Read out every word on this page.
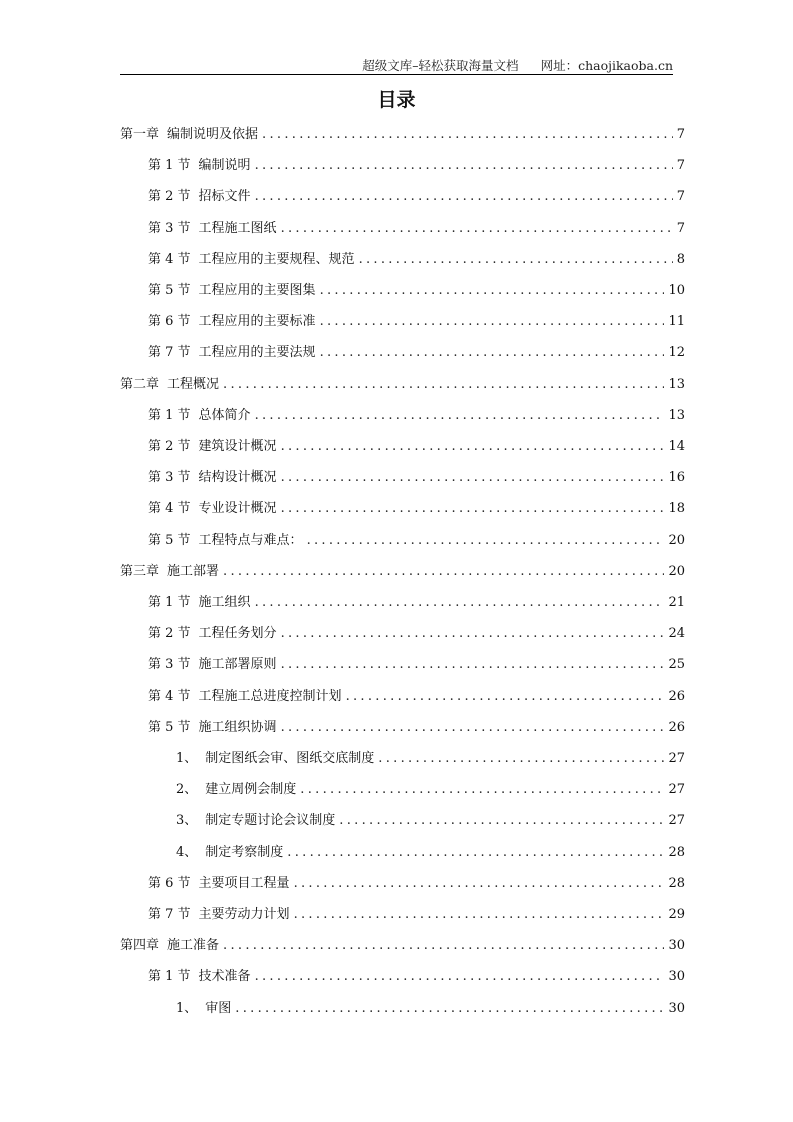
超级文库–轻松获取海量文档 网址：chaojikaoba.cn
目录
第一章 编制说明及依据 .....	7
第 1 节 编制说明 .....	7
第 2 节 招标文件 .....	7
第 3 节 工程施工图纸 .....	7
第 4 节 工程应用的主要规程、规范 .....	8
第 5 节 工程应用的主要图集 .....	10
第 6 节 工程应用的主要标准 .....	11
第 7 节 工程应用的主要法规 .....	12
第二章 工程概况 .....	13
第 1 节 总体简介 .....	13
第 2 节 建筑设计概况 .....	14
第 3 节 结构设计概况 .....	16
第 4 节 专业设计概况 .....	18
第 5 节 工程特点与难点： .....	20
第三章 施工部署 .....	20
第 1 节 施工组织 .....	21
第 2 节 工程任务划分 .....	24
第 3 节 施工部署原则 .....	25
第 4 节 工程施工总进度控制计划 .....	26
第 5 节 施工组织协调 .....	26
1、 制定图纸会审、图纸交底制度 .....	27
2、 建立周例会制度 .....	27
3、 制定专题讨论会议制度 .....	27
4、 制定考察制度 .....	28
第 6 节 主要项目工程量 .....	28
第 7 节 主要劳动力计划 .....	29
第四章 施工准备 .....	30
第 1 节 技术准备 .....	30
1、 审图 .....	30
